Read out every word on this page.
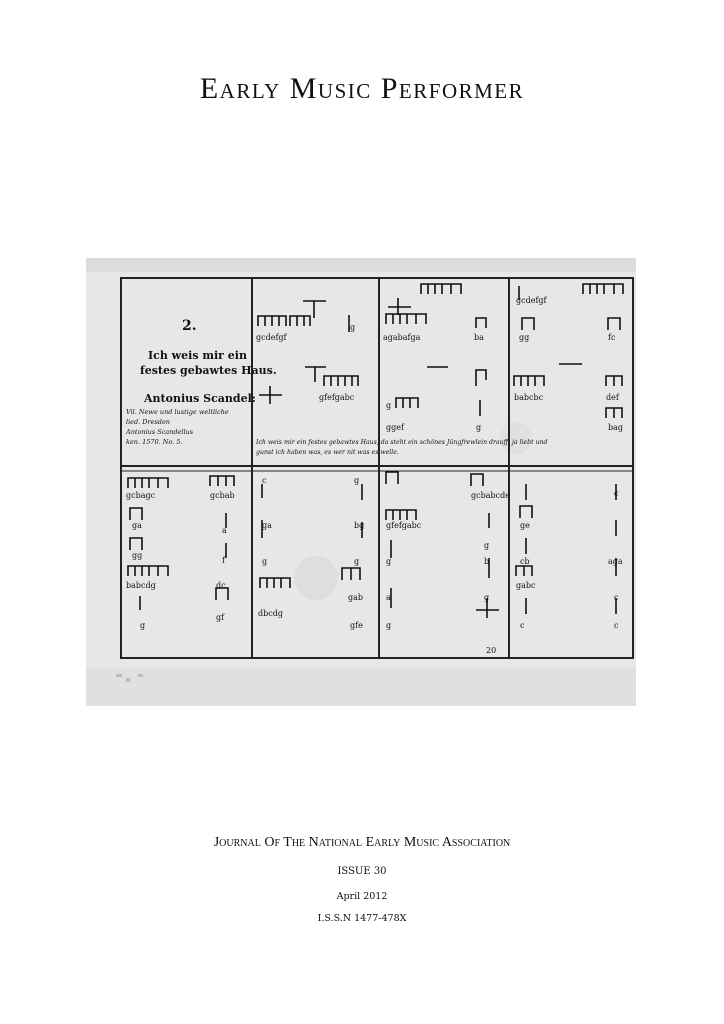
Early Music Performer
2.
Ich weis mir ein
festes gebawtes Haus.
Antonius Scandel:
Vil. Newe und lustige weltliche
lied. Dresden
Antonius Scandellus
ken. 1570. No. 5.	Ich weis mir ein festes gebawtes Haus, da steht ein schönes Jüngfrewlein drauff, ja liebt und
gunst ich haben was, es wer nit was es welle.
20
gcdefgf	agabafga	ba
gfefgabc	babcbc
bag
gcbagc	gcbab
babcdg
dbcdg
gfefgabc
gcbabcde
gcdefgf
gabc
c	g
ga	bg
g	g
gab
gfe
g
a
g
g
b
g
ge
cb
c
c
aga
c
c
ga
gg
g
a
f
dc
gf
g
gg	fc
g
ggef	g
def
Journal Of The National Early Music Association
ISSUE 30
April 2012
I.S.S.N 1477-478X
